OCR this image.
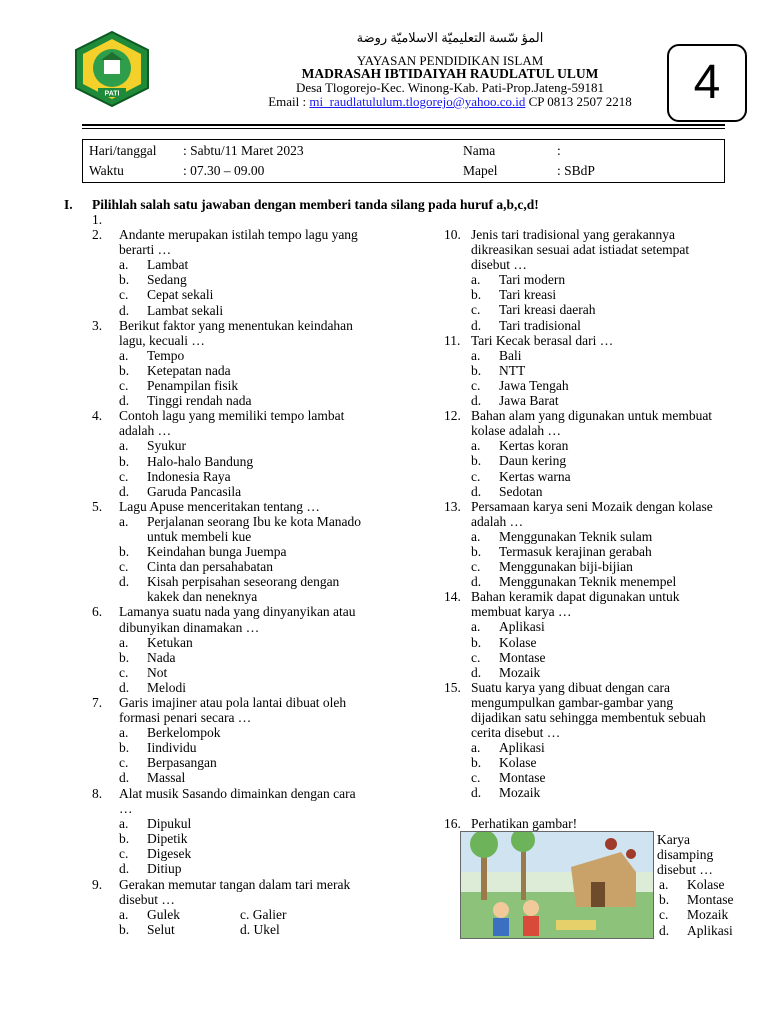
PATI
المؤ سّسة التعليميّة الاسلاميّة روضة
YAYASAN PENDIDIKAN ISLAM
MADRASAH IBTIDAIYAH RAUDLATUL ULUM
Desa Tlogorejo-Kec. Winong-Kab. Pati-Prop.Jateng-59181
Email : mi_raudlatululum.tlogorejo@yahoo.co.id CP 0813 2507 2218	4
Hari/tanggal : Sabtu/11 Maret 2023
Waktu	: 07.30 – 09.00
Nama	:
Mapel	: SBdP
I. Pilihlah salah satu jawaban dengan memberi tanda silang pada huruf a,b,c,d!
1.

2. Andante merupakan istilah tempo lagu yang berarti …
a. Lambat
b. Sedang
c. Cepat sekali
d. Lambat sekali
3. Berikut faktor yang menentukan keindahan lagu, kecuali …
a. Tempo
b. Ketepatan nada
c. Penampilan fisik
d. Tinggi rendah nada
4. Contoh lagu yang memiliki tempo lambat adalah …
a. Syukur
b. Halo-halo Bandung
c. Indonesia Raya
d. Garuda Pancasila
5. Lagu Apuse menceritakan tentang …
a. Perjalanan seorang Ibu ke kota Manado untuk membeli kue
b. Keindahan bunga Juempa
c. Cinta dan persahabatan
d. Kisah perpisahan seseorang dengan kakek dan neneknya
6. Lamanya suatu nada yang dinyanyikan atau dibunyikan dinamakan …
a. Ketukan
b. Nada
c. Not
d. Melodi
7. Garis imajiner atau pola lantai dibuat oleh formasi penari secara …
a. Berkelompok
b. Iindividu
c. Berpasangan
d. Massal
8. Alat musik Sasando dimainkan dengan cara …
a. Dipukul
b. Dipetik
c. Digesek
d. Ditiup
9. Gerakan memutar tangan dalam tari merak disebut …
a. Gulek	c. Galier
b. Selut	d. Ukel
10. Jenis tari tradisional yang gerakannya dikreasikan sesuai adat istiadat setempat disebut …
a. Tari modern
b. Tari kreasi
c. Tari kreasi daerah
d. Tari tradisional
11. Tari Kecak berasal dari …
a. Bali
b. NTT
c. Jawa Tengah
d. Jawa Barat
12. Bahan alam yang digunakan untuk membuat kolase adalah …
a. Kertas koran
b. Daun kering
c. Kertas warna
d. Sedotan
13. Persamaan karya seni Mozaik dengan kolase adalah …
a. Menggunakan Teknik sulam
b. Termasuk kerajinan gerabah
c. Menggunakan biji-bijian
d. Menggunakan Teknik menempel
14. Bahan keramik dapat digunakan untuk membuat karya …
a. Aplikasi
b. Kolase
c. Montase
d. Mozaik
15. Suatu karya yang dibuat dengan cara mengumpulkan gambar-gambar yang dijadikan satu sehingga membentuk sebuah cerita disebut …
a. Aplikasi
b. Kolase
c. Montase
d. Mozaik
16. Perhatikan gambar!
Karya disamping disebut …
a. Kolase
b. Montase
c. Mozaik
d. Aplikasi
